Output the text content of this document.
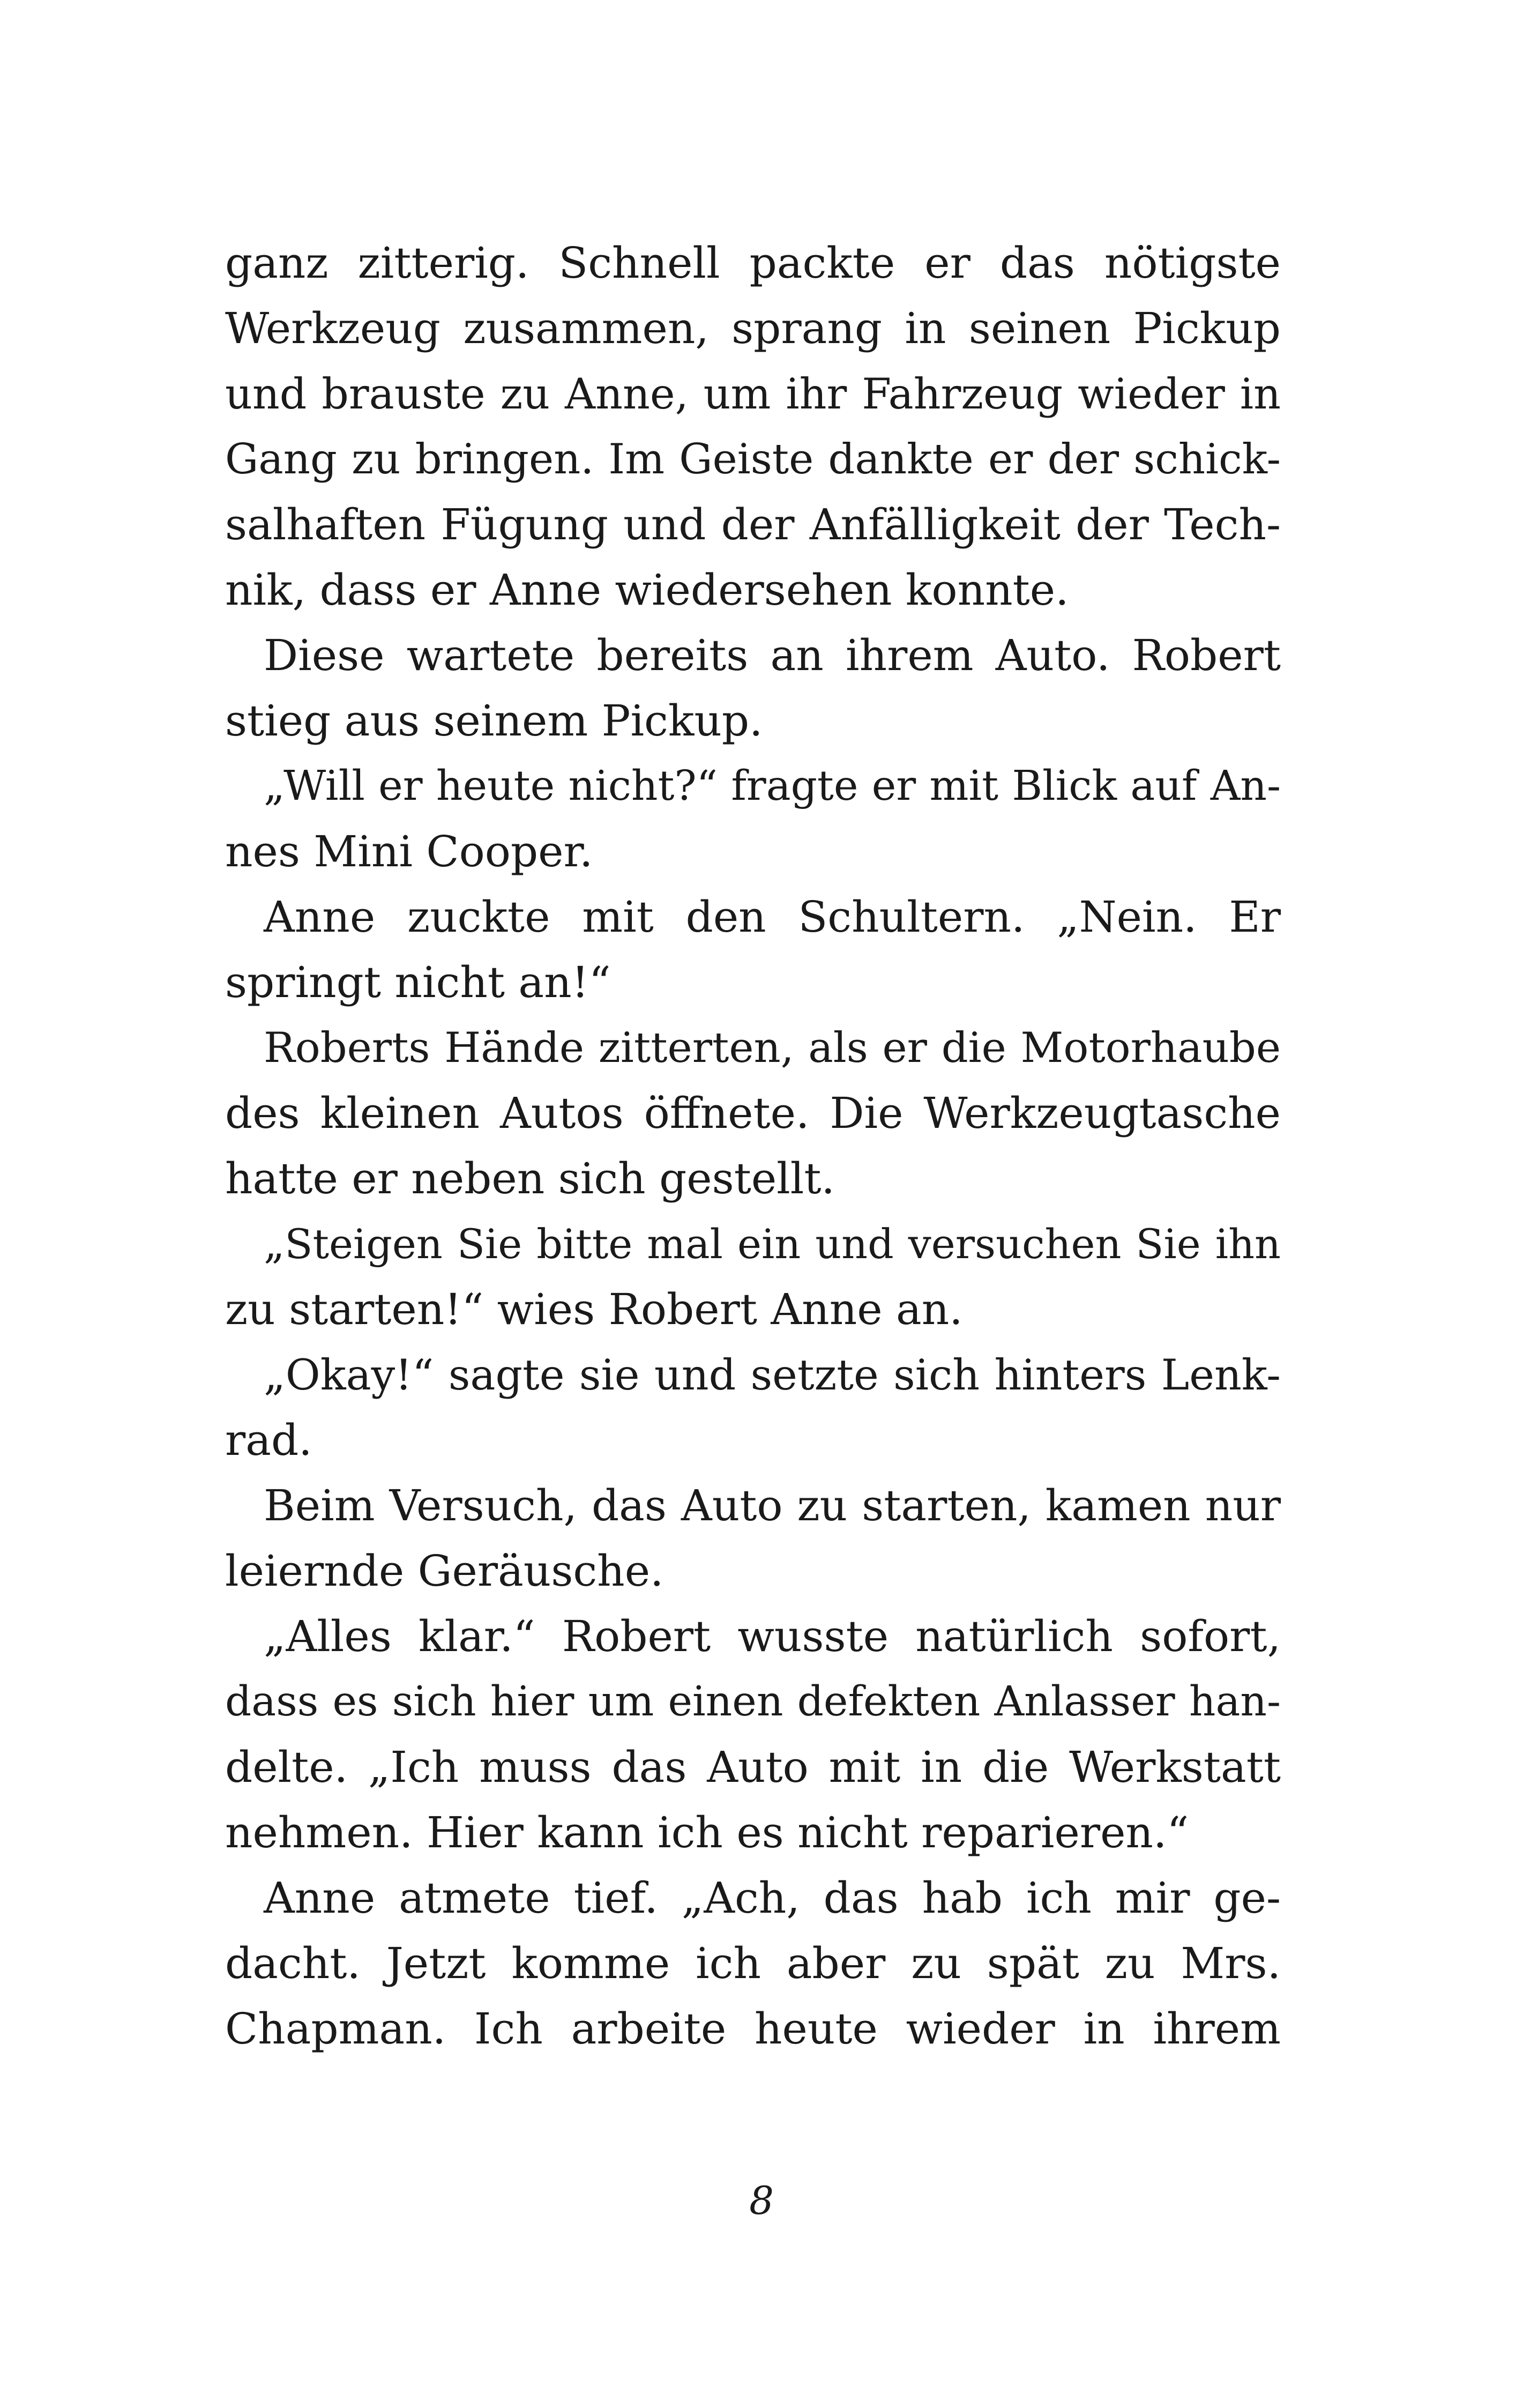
ganz zitterig. Schnell packte er das nötigste
Werkzeug zusammen, sprang in seinen Pickup
und brauste zu Anne, um ihr Fahrzeug wieder in
Gang zu bringen. Im Geiste dankte er der schick-
salhaften Fügung und der Anfälligkeit der Tech-
nik, dass er Anne wiedersehen konnte.
Diese wartete bereits an ihrem Auto. Robert
stieg aus seinem Pickup.
„Will er heute nicht?“ fragte er mit Blick auf An-
nes Mini Cooper.
Anne zuckte mit den Schultern. „Nein. Er
springt nicht an!“
Roberts Hände zitterten, als er die Motorhaube
des kleinen Autos öffnete. Die Werkzeugtasche
hatte er neben sich gestellt.
„Steigen Sie bitte mal ein und versuchen Sie ihn
zu starten!“ wies Robert Anne an.
„Okay!“ sagte sie und setzte sich hinters Lenk-
rad.
Beim Versuch, das Auto zu starten, kamen nur
leiernde Geräusche.
„Alles klar.“ Robert wusste natürlich sofort,
dass es sich hier um einen defekten Anlasser han-
delte. „Ich muss das Auto mit in die Werkstatt
nehmen. Hier kann ich es nicht reparieren.“
Anne atmete tief. „Ach, das hab ich mir ge-
dacht. Jetzt komme ich aber zu spät zu Mrs.
Chapman. Ich arbeite heute wieder in ihrem
8
